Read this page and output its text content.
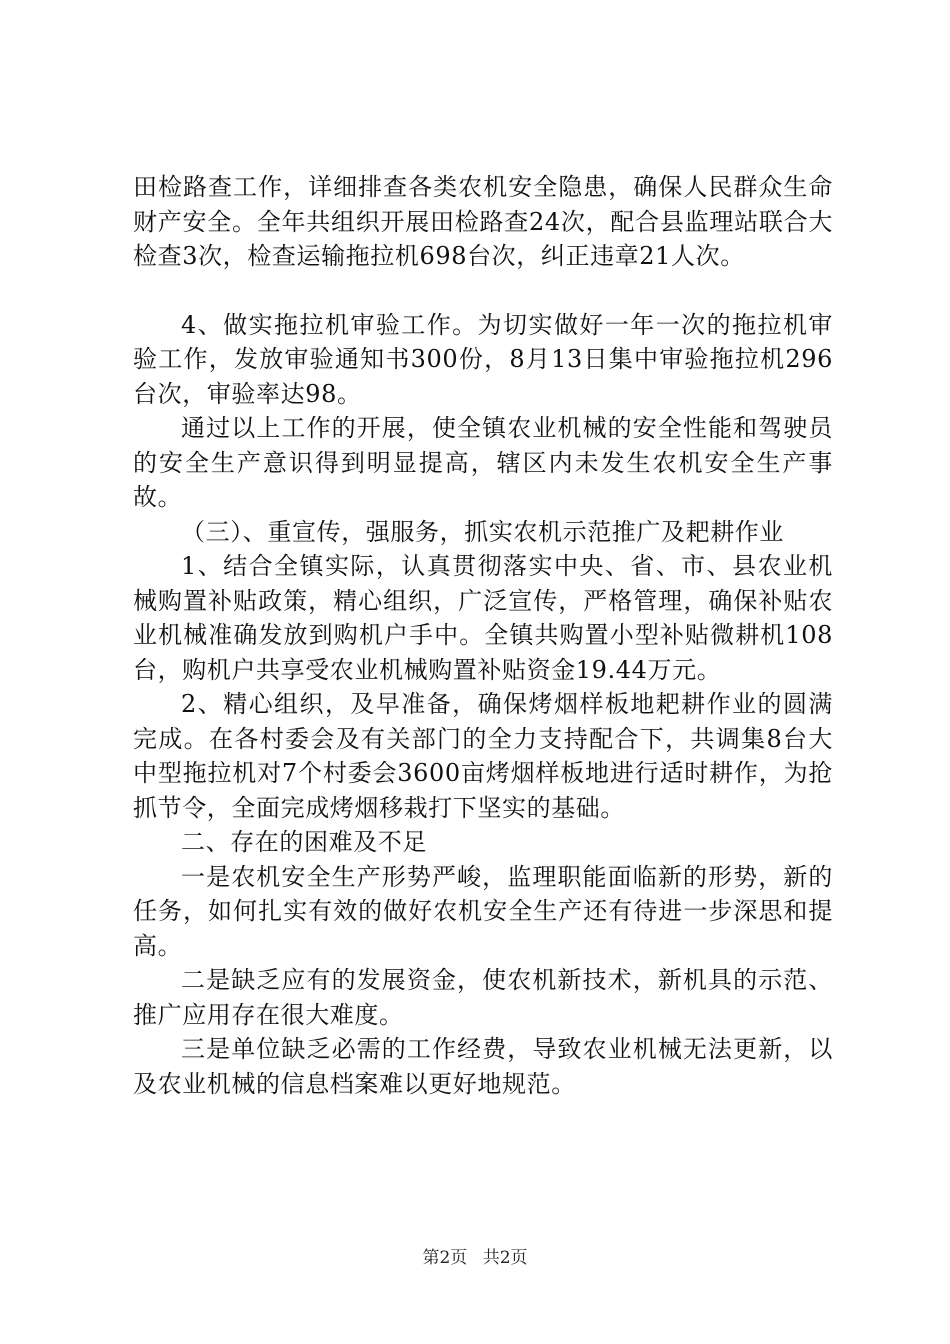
田检路查工作，详细排查各类农机安全隐患，确保人民群众生命财产安全。全年共组织开展田检路查24次，配合县监理站联合大检查3次，检查运输拖拉机698台次，纠正违章21人次。

4、做实拖拉机审验工作。为切实做好一年一次的拖拉机审验工作，发放审验通知书300份，8月13日集中审验拖拉机296台次，审验率达98。

通过以上工作的开展，使全镇农业机械的安全性能和驾驶员的安全生产意识得到明显提高，辖区内未发生农机安全生产事故。

（三）、重宣传，强服务，抓实农机示范推广及耙耕作业

1、结合全镇实际，认真贯彻落实中央、省、市、县农业机械购置补贴政策，精心组织，广泛宣传，严格管理，确保补贴农业机械准确发放到购机户手中。全镇共购置小型补贴微耕机108台，购机户共享受农业机械购置补贴资金19.44万元。

2、精心组织，及早准备，确保烤烟样板地耙耕作业的圆满完成。在各村委会及有关部门的全力支持配合下，共调集8台大中型拖拉机对7个村委会3600亩烤烟样板地进行适时耕作，为抢抓节令，全面完成烤烟移栽打下坚实的基础。

二、存在的困难及不足

一是农机安全生产形势严峻，监理职能面临新的形势，新的任务，如何扎实有效的做好农机安全生产还有待进一步深思和提高。

二是缺乏应有的发展资金，使农机新技术，新机具的示范、推广应用存在很大难度。

三是单位缺乏必需的工作经费，导致农业机械无法更新，以及农业机械的信息档案难以更好地规范。

第2页 共2页
